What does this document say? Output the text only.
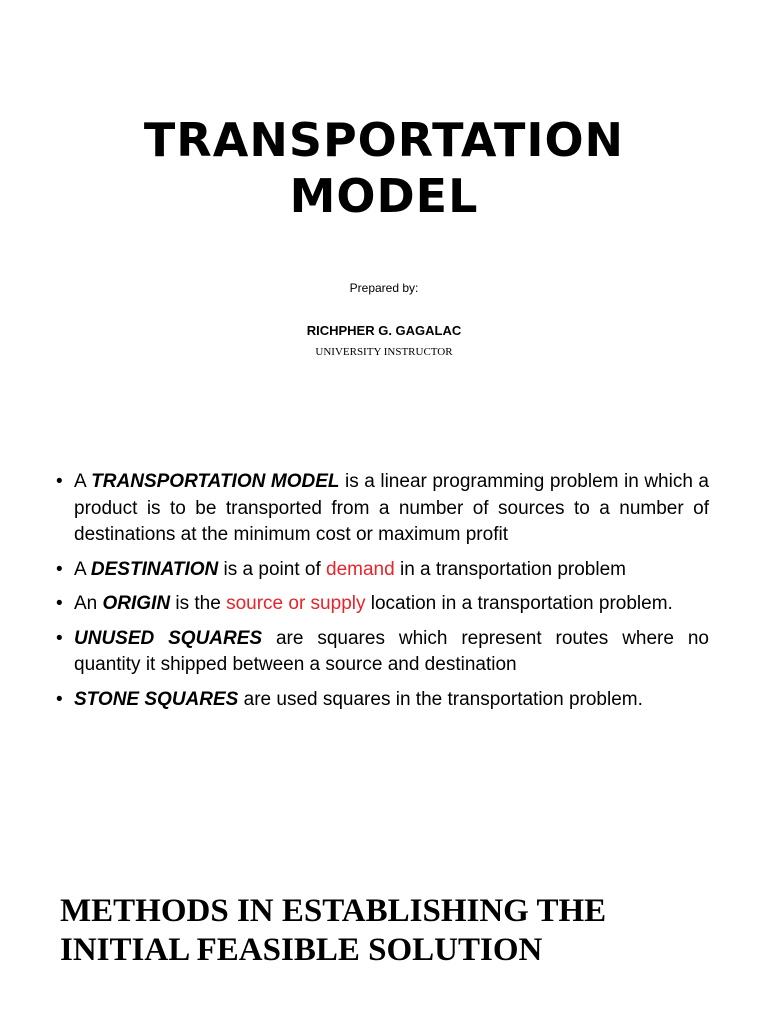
TRANSPORTATION
MODEL
Prepared by:
RICHPHER G. GAGALAC
UNIVERSITY INSTRUCTOR
• A TRANSPORTATION MODEL is a linear programming problem in which a product is to be transported from a number of sources to a number of destinations at the minimum cost or maximum profit
• A DESTINATION is a point of demand in a transportation problem
• An ORIGIN is the source or supply location in a transportation problem.
• UNUSED SQUARES are squares which represent routes where no quantity it shipped between a source and destination
• STONE SQUARES are used squares in the transportation problem.
METHODS IN ESTABLISHING THE
INITIAL FEASIBLE SOLUTION
